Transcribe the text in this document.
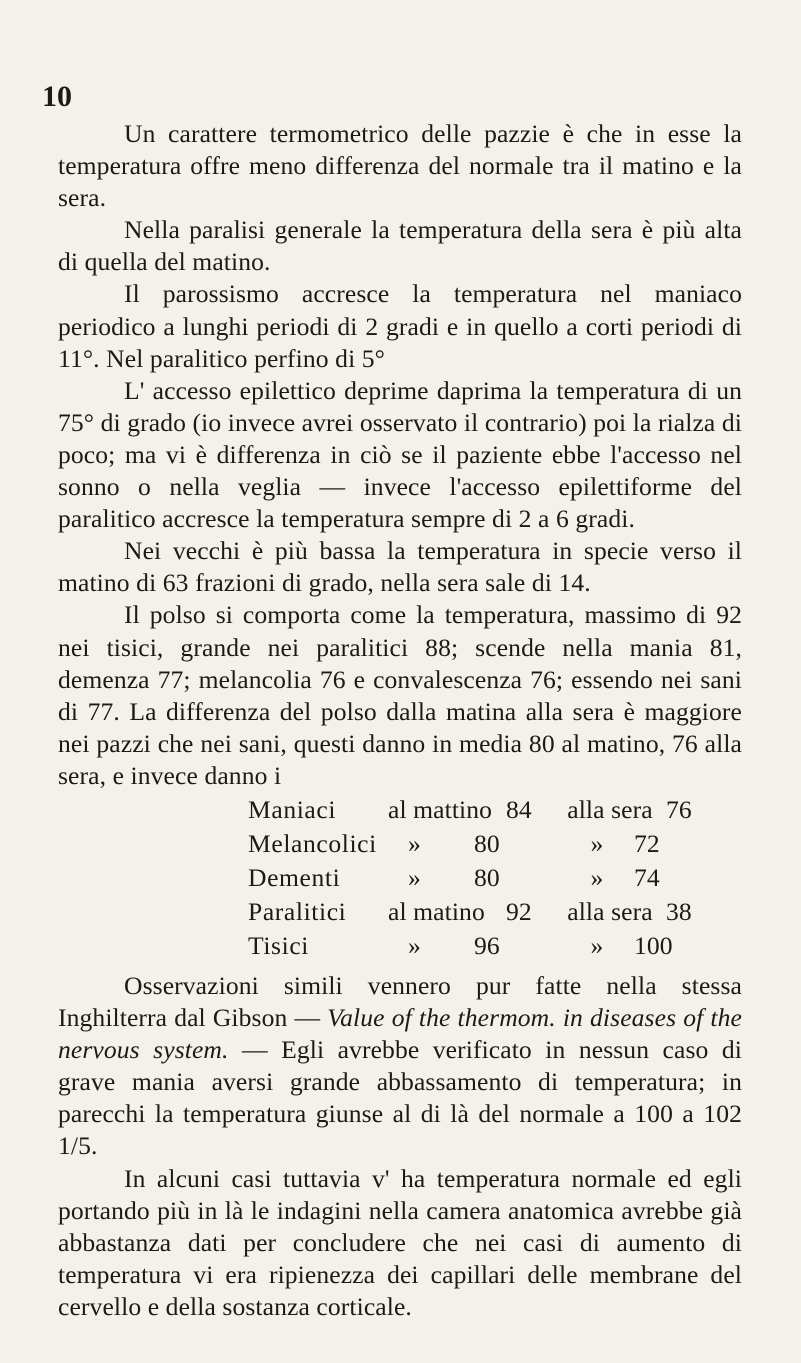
10

Un carattere termometrico delle pazzie è che in esse la temperatura offre meno differenza del normale tra il matino e la sera.

Nella paralisi generale la temperatura della sera è più alta di quella del matino.

Il parossismo accresce la temperatura nel maniaco periodico a lunghi periodi di 2 gradi e in quello a corti periodi di 11°. Nel paralitico perfino di 5°

L' accesso epilettico deprime daprima la temperatura di un 75° di grado (io invece avrei osservato il contrario) poi la rialza di poco; ma vi è differenza in ciò se il paziente ebbe l'accesso nel sonno o nella veglia — invece l'accesso epilettiforme del paralitico accresce la temperatura sempre di 2 a 6 gradi.

Nei vecchi è più bassa la temperatura in specie verso il matino di 63 frazioni di grado, nella sera sale di 14.

Il polso si comporta come la temperatura, massimo di 92 nei tisici, grande nei paralitici 88; scende nella mania 81, demenza 77; melancolia 76 e convalescenza 76; essendo nei sani di 77. La differenza del polso dalla matina alla sera è maggiore nei pazzi che nei sani, questi danno in media 80 al matino, 76 alla sera, e invece danno i

Maniaci	al mattino 84	alla sera 76
Melancolici	»	80	»	72
Dementi	»	80	»	74
Paralitici	al matino 92	alla sera 38
Tisici	»	96	»	100

Osservazioni simili vennero pur fatte nella stessa Inghilterra dal Gibson — Value of the thermom. in diseases of the nervous system. — Egli avrebbe verificato in nessun caso di grave mania aversi grande abbassamento di temperatura; in parecchi la temperatura giunse al di là del normale a 100 a 102 1/5.

In alcuni casi tuttavia v' ha temperatura normale ed egli portando più in là le indagini nella camera anatomica avrebbe già abbastanza dati per concludere che nei casi di aumento di temperatura vi era ripienezza dei capillari delle membrane del cervello e della sostanza corticale.
